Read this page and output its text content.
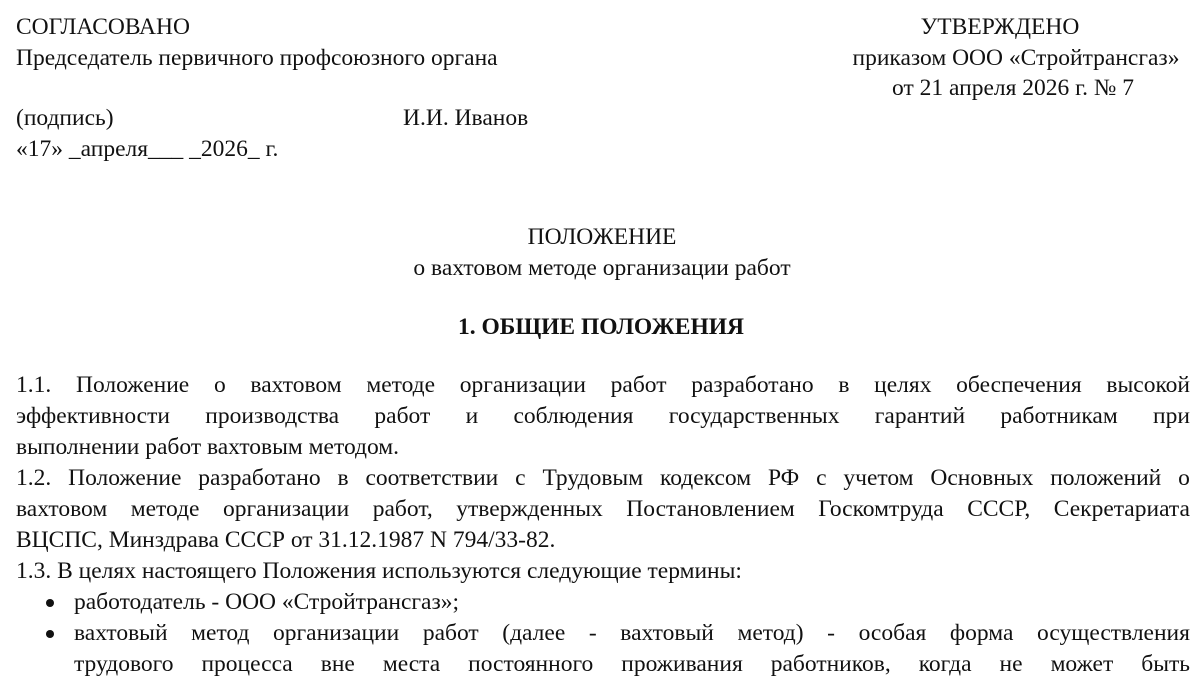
СОГЛАСОВАНО
Председатель первичного профсоюзного органа
(подпись)	И.И. Иванов
«17» _апреля___ _2026_ г.
УТВЕРЖДЕНО
приказом ООО «Стройтрансгаз»
от 21 апреля 2026 г. № 7
ПОЛОЖЕНИЕ
о вахтовом методе организации работ
1. ОБЩИЕ ПОЛОЖЕНИЯ
1.1. Положение о вахтовом методе организации работ разработано в целях обеспечения высокой
эффективности производства работ и соблюдения государственных гарантий работникам при
выполнении работ вахтовым методом.
1.2. Положение разработано в соответствии с Трудовым кодексом РФ с учетом Основных положений о
вахтовом методе организации работ, утвержденных Постановлением Госкомтруда СССР, Секретариата
ВЦСПС, Минздрава СССР от 31.12.1987 N 794/33-82.
1.3. В целях настоящего Положения используются следующие термины:
работодатель - ООО «Стройтрансгаз»;
вахтовый метод организации работ (далее - вахтовый метод) - особая форма осуществления
трудового процесса вне места постоянного проживания работников, когда не может быть
